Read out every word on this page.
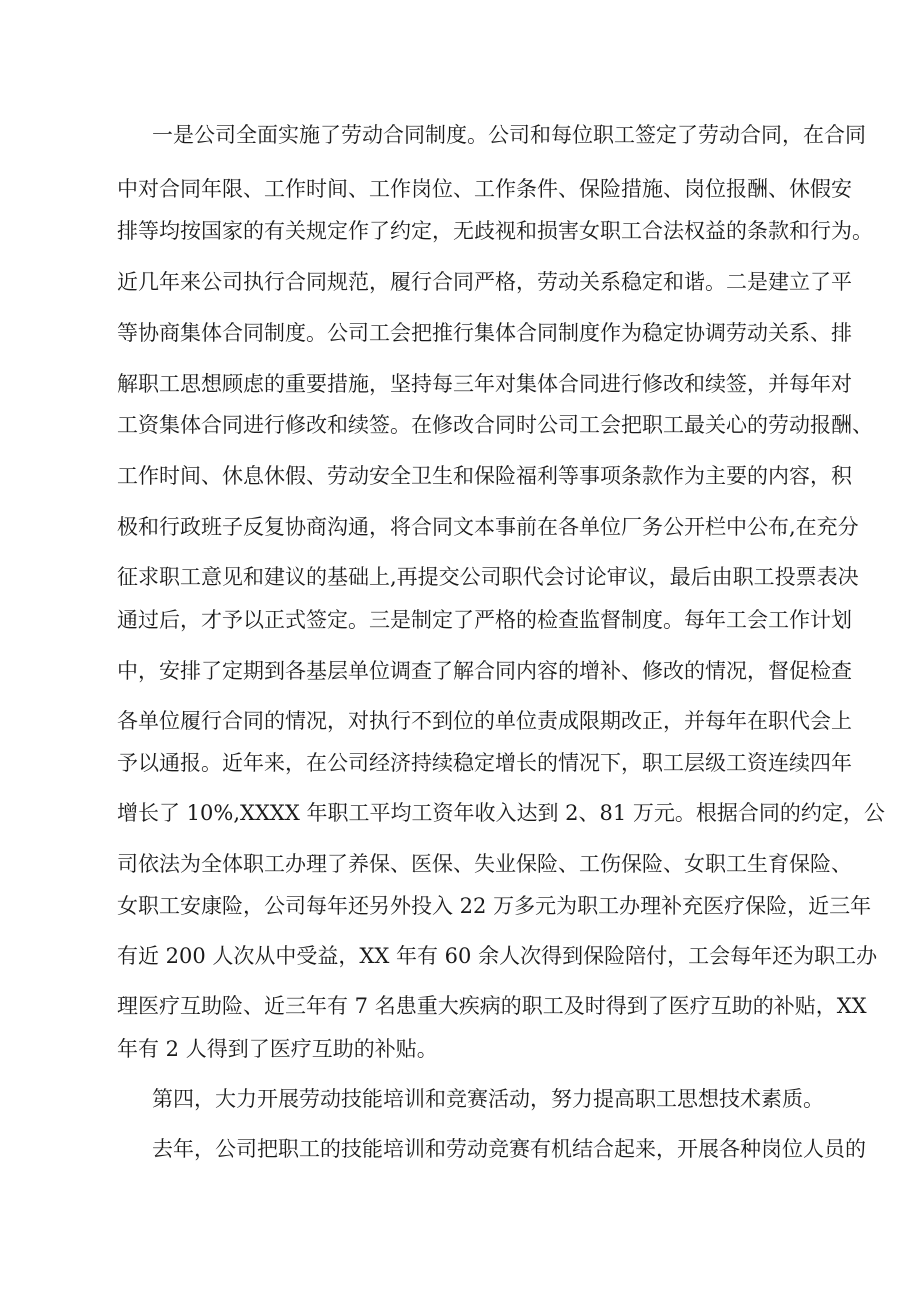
一是公司全面实施了劳动合同制度。公司和每位职工签定了劳动合同，在合同
中对合同年限、工作时间、工作岗位、工作条件、保险措施、岗位报酬、休假安
排等均按国家的有关规定作了约定，无歧视和损害女职工合法权益的条款和行为。
近几年来公司执行合同规范，履行合同严格，劳动关系稳定和谐。二是建立了平
等协商集体合同制度。公司工会把推行集体合同制度作为稳定协调劳动关系、排
解职工思想顾虑的重要措施，坚持每三年对集体合同进行修改和续签，并每年对
工资集体合同进行修改和续签。在修改合同时公司工会把职工最关心的劳动报酬、
工作时间、休息休假、劳动安全卫生和保险福利等事项条款作为主要的内容，积
极和行政班子反复协商沟通，将合同文本事前在各单位厂务公开栏中公布,在充分
征求职工意见和建议的基础上,再提交公司职代会讨论审议，最后由职工投票表决
通过后，才予以正式签定。三是制定了严格的检查监督制度。每年工会工作计划
中，安排了定期到各基层单位调查了解合同内容的增补、修改的情况，督促检查
各单位履行合同的情况，对执行不到位的单位责成限期改正，并每年在职代会上
予以通报。近年来，在公司经济持续稳定增长的情况下，职工层级工资连续四年
增长了 10%,XXXX 年职工平均工资年收入达到 2、81 万元。根据合同的约定，公
司依法为全体职工办理了养保、医保、失业保险、工伤保险、女职工生育保险、
女职工安康险，公司每年还另外投入 22 万多元为职工办理补充医疗保险，近三年
有近 200 人次从中受益，XX 年有 60 余人次得到保险陪付，工会每年还为职工办
理医疗互助险、近三年有 7 名患重大疾病的职工及时得到了医疗互助的补贴，XX
年有 2 人得到了医疗互助的补贴。
第四，大力开展劳动技能培训和竞赛活动，努力提高职工思想技术素质。
去年，公司把职工的技能培训和劳动竞赛有机结合起来，开展各种岗位人员的
